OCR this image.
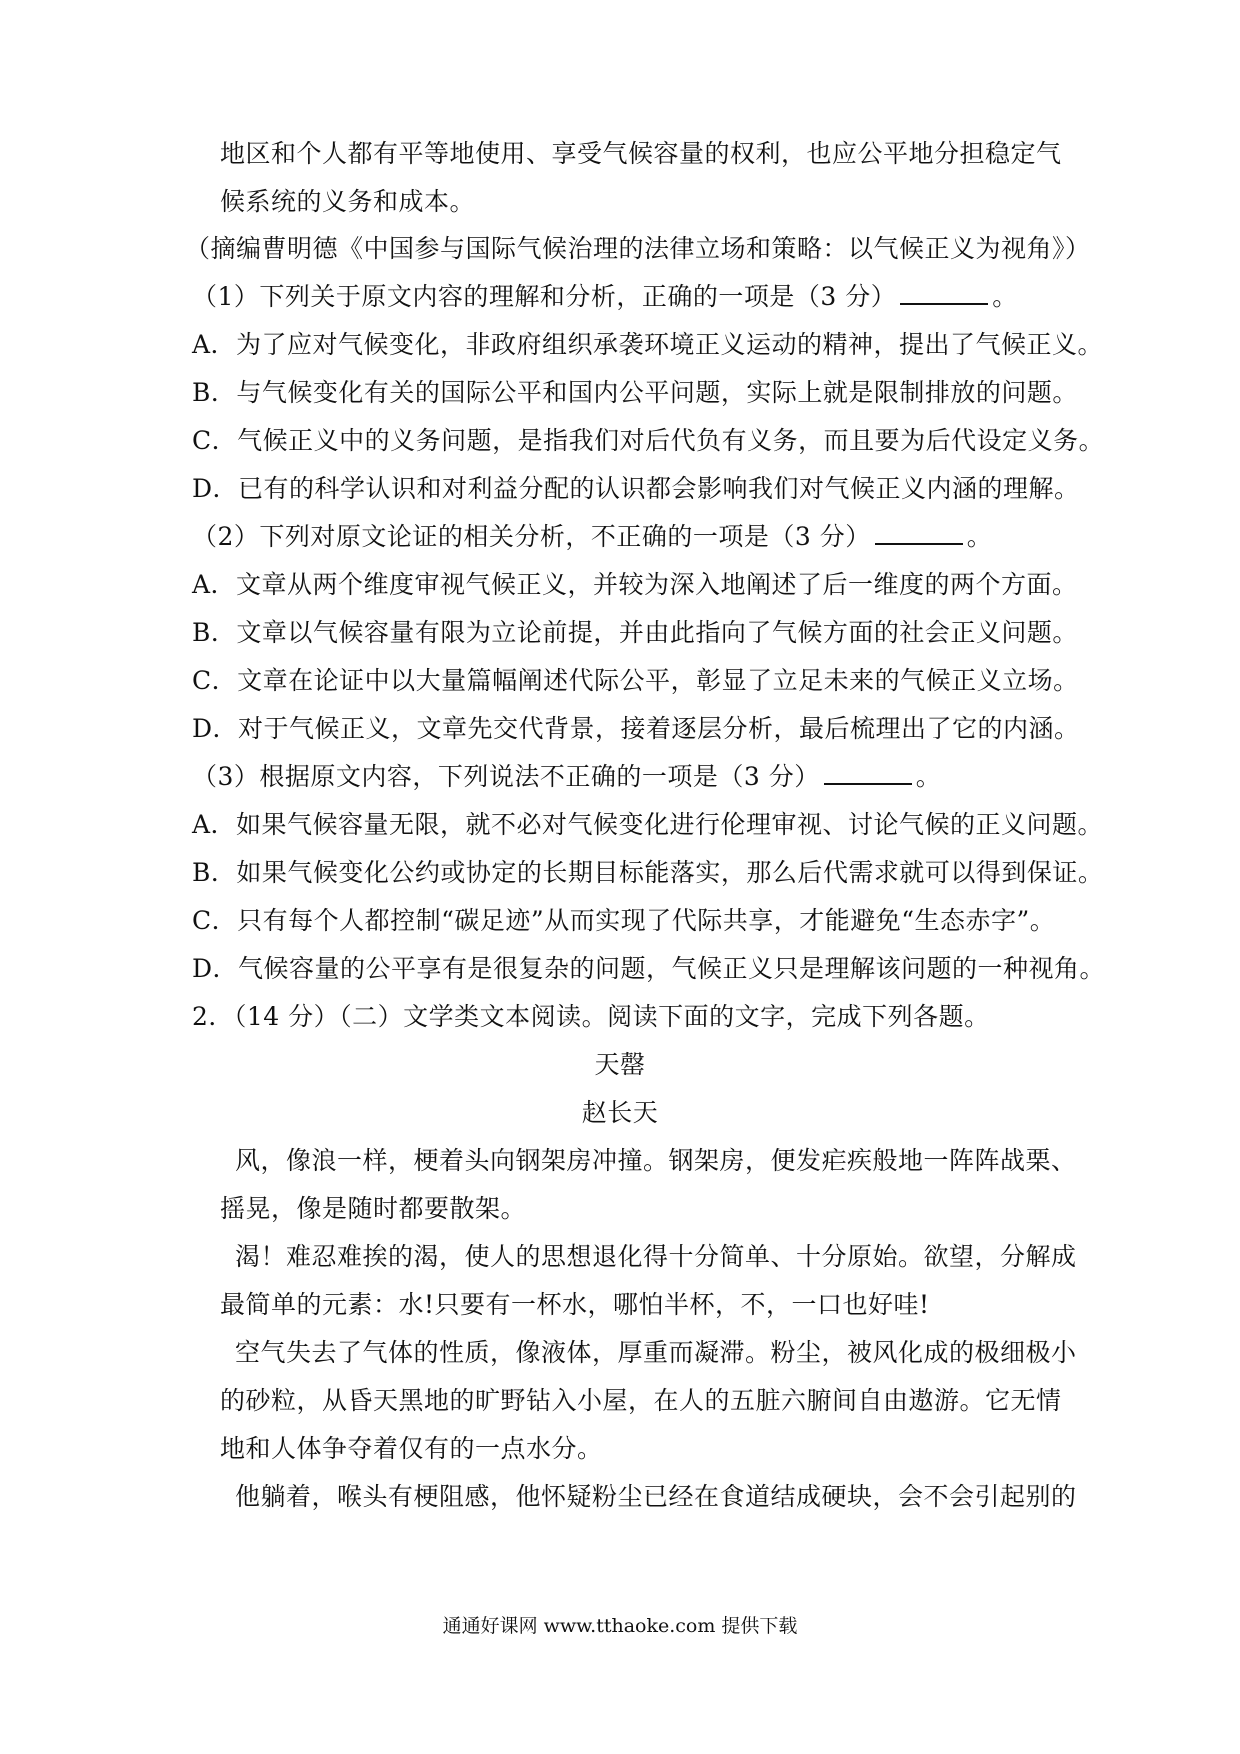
地区和个人都有平等地使用、享受气候容量的权利，也应公平地分担稳定气
候系统的义务和成本。
（摘编曹明德《中国参与国际气候治理的法律立场和策略：以气候正义为视角》）
（1）下列关于原文内容的理解和分析，正确的一项是（3 分）	。
A．为了应对气候变化，非政府组织承袭环境正义运动的精神，提出了气候正义。
B．与气候变化有关的国际公平和国内公平问题，实际上就是限制排放的问题。
C．气候正义中的义务问题，是指我们对后代负有义务，而且要为后代设定义务。
D．已有的科学认识和对利益分配的认识都会影响我们对气候正义内涵的理解。
（2）下列对原文论证的相关分析，不正确的一项是（3 分）	。
A．文章从两个维度审视气候正义，并较为深入地阐述了后一维度的两个方面。
B．文章以气候容量有限为立论前提，并由此指向了气候方面的社会正义问题。
C．文章在论证中以大量篇幅阐述代际公平，彰显了立足未来的气候正义立场。
D．对于气候正义，文章先交代背景，接着逐层分析，最后梳理出了它的内涵。
（3）根据原文内容，下列说法不正确的一项是（3 分）	。
A．如果气候容量无限，就不必对气候变化进行伦理审视、讨论气候的正义问题。
B．如果气候变化公约或协定的长期目标能落实，那么后代需求就可以得到保证。
C．只有每个人都控制“碳足迹”从而实现了代际共享，才能避免“生态赤字”。
D．气候容量的公平享有是很复杂的问题，气候正义只是理解该问题的一种视角。
2．（14 分）（二）文学类文本阅读。阅读下面的文字，完成下列各题。
天罄
赵长天
风，像浪一样，梗着头向钢架房冲撞。钢架房，便发疟疾般地一阵阵战栗、
摇晃，像是随时都要散架。
渴！难忍难挨的渴，使人的思想退化得十分简单、十分原始。欲望，分解成
最简单的元素：水!只要有一杯水，哪怕半杯，不，一口也好哇!
空气失去了气体的性质，像液体，厚重而凝滞。粉尘，被风化成的极细极小
的砂粒，从昏天黑地的旷野钻入小屋，在人的五脏六腑间自由遨游。它无情
地和人体争夺着仅有的一点水分。
他躺着，喉头有梗阻感，他怀疑粉尘已经在食道结成硬块，会不会引起别的
通通好课网 www.tthaoke.com 提供下载
